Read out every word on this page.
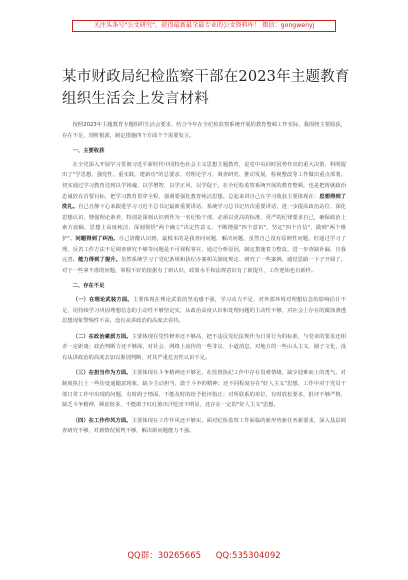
关注头条号"公文研究"，获得最新最全最专业的公文资料库！ 微信：gongwenyj
某市财政局纪检监察干部在2023年主题教育组织生活会上发言材料

按照2023年主题教育专题组织生活会要求，结合今年在全纪检监察系统开展的教育整顿工作实际，我围绕主要收获，存在不足，剖析根源，制定措施四个方面个个需要发言。

一、主要收获

在全党深入开展学习贯彻习近平新时代中国特色社会主义思想主题教育，是党中央回时因势作出的重大决策，科明提出了"学思想、强党性、重实践、建新功"的总要求，对理论学习、调查研究、推动发展、检视整改等工作做出重点部署。切实通过学习教育达到以学铸魂、以学增智、以学正风、以学促干。在全纪检监察系统开展的教育整顿，也是把铸就政治忠诚放在首要目标，把学习教育贯穿全程，强调要强化教育纯洁思想。总起来讲自己在学习收获主要体现在：思想得到了洗礼。自己自静下心来跟进学习习近平总书记最新重要讲话、系统学习总书记历次重要讲话，进一步提高政治站位、深化思想认识，增强理论素养，特别是深刻认识到作为一名纪检干部，必须以更高的标准、更严的纪律要求自己，确保政治上素方底稿、思想上高度纯洁，深刻领悟"两个确立"决定性意义，不断增强"四个意识"，坚定"四个自信"，做到"两个维护"。问题得到了纠治。自己清醒认识到，最根本的是我查问问题、解决问题，虽然自己没有原则性问题，但通过学习了理、反省工作方法不足调查研究不够等问题是不可视程客在，通过分析原因，制定措施着力整改，进一步查缺补漏，自我完善。能力得到了提升。虽然系统学习了党纪条规和执纪办案相关制度规定、研究了一些案例，感觉思路一下子开阔了，对于一些拿不准的问题，掌握不好的依据有了新认识，政策水平和法规意识有了新提升，工作迎始也有新样。

二、存在不足

（一）在理论武装方面。主要体现在理论武装的坚追感不强，学习动力不足，对外部环境对理想信念的影响估计不足，用持续学习巩固理想信念的主动性不够坚定实，从政治高度认识和处理问题的主动性不够，对社会上存在的腐蚀渗透思想现象警惕性不高，没有从讲政治的高度去看待。

（二）在政治素质方面。主要体现在党性修养还不够高，把不违反党纪法规作为日常行为的标准，与党章的要求还相差一定距离；政治判断力还不够深，对社会、网络上流传的一些非议、小道消息，对地方的一些山头主义、圈子文化，没有从讲政治的高度去加以鉴别判断，对其严重危害性认识不足。

（三）在担当作为方面。主要体现在斗争精神还不够足，在监督执纪工作中存在畏难情绪，缺少迎难而上的勇气，对制度执行上一些坊变通随意现象，缺少主动担当，敢于斗争的精神；还不同程度存在"好人主义"思想，工作中对于党员干部日常工作中出现的问题，有时碍于情面，不能及时的给予批评指正；对所联系的单位，有时放松要求，批评不够严格，缺乏斗争精神，顾虑较多，不能敢于红红脸出汗吃害不明显，还存在一定的"好人主义"思想。

（四）在工作作风方面。主要体现在工作作风还不够实。面对纪检监察工作面临的新形势新任务新要求，深入基层调查研究不够，对新情况预判不够，解决新问题能力不强。

QQ群：30265665 QQ:535304092
